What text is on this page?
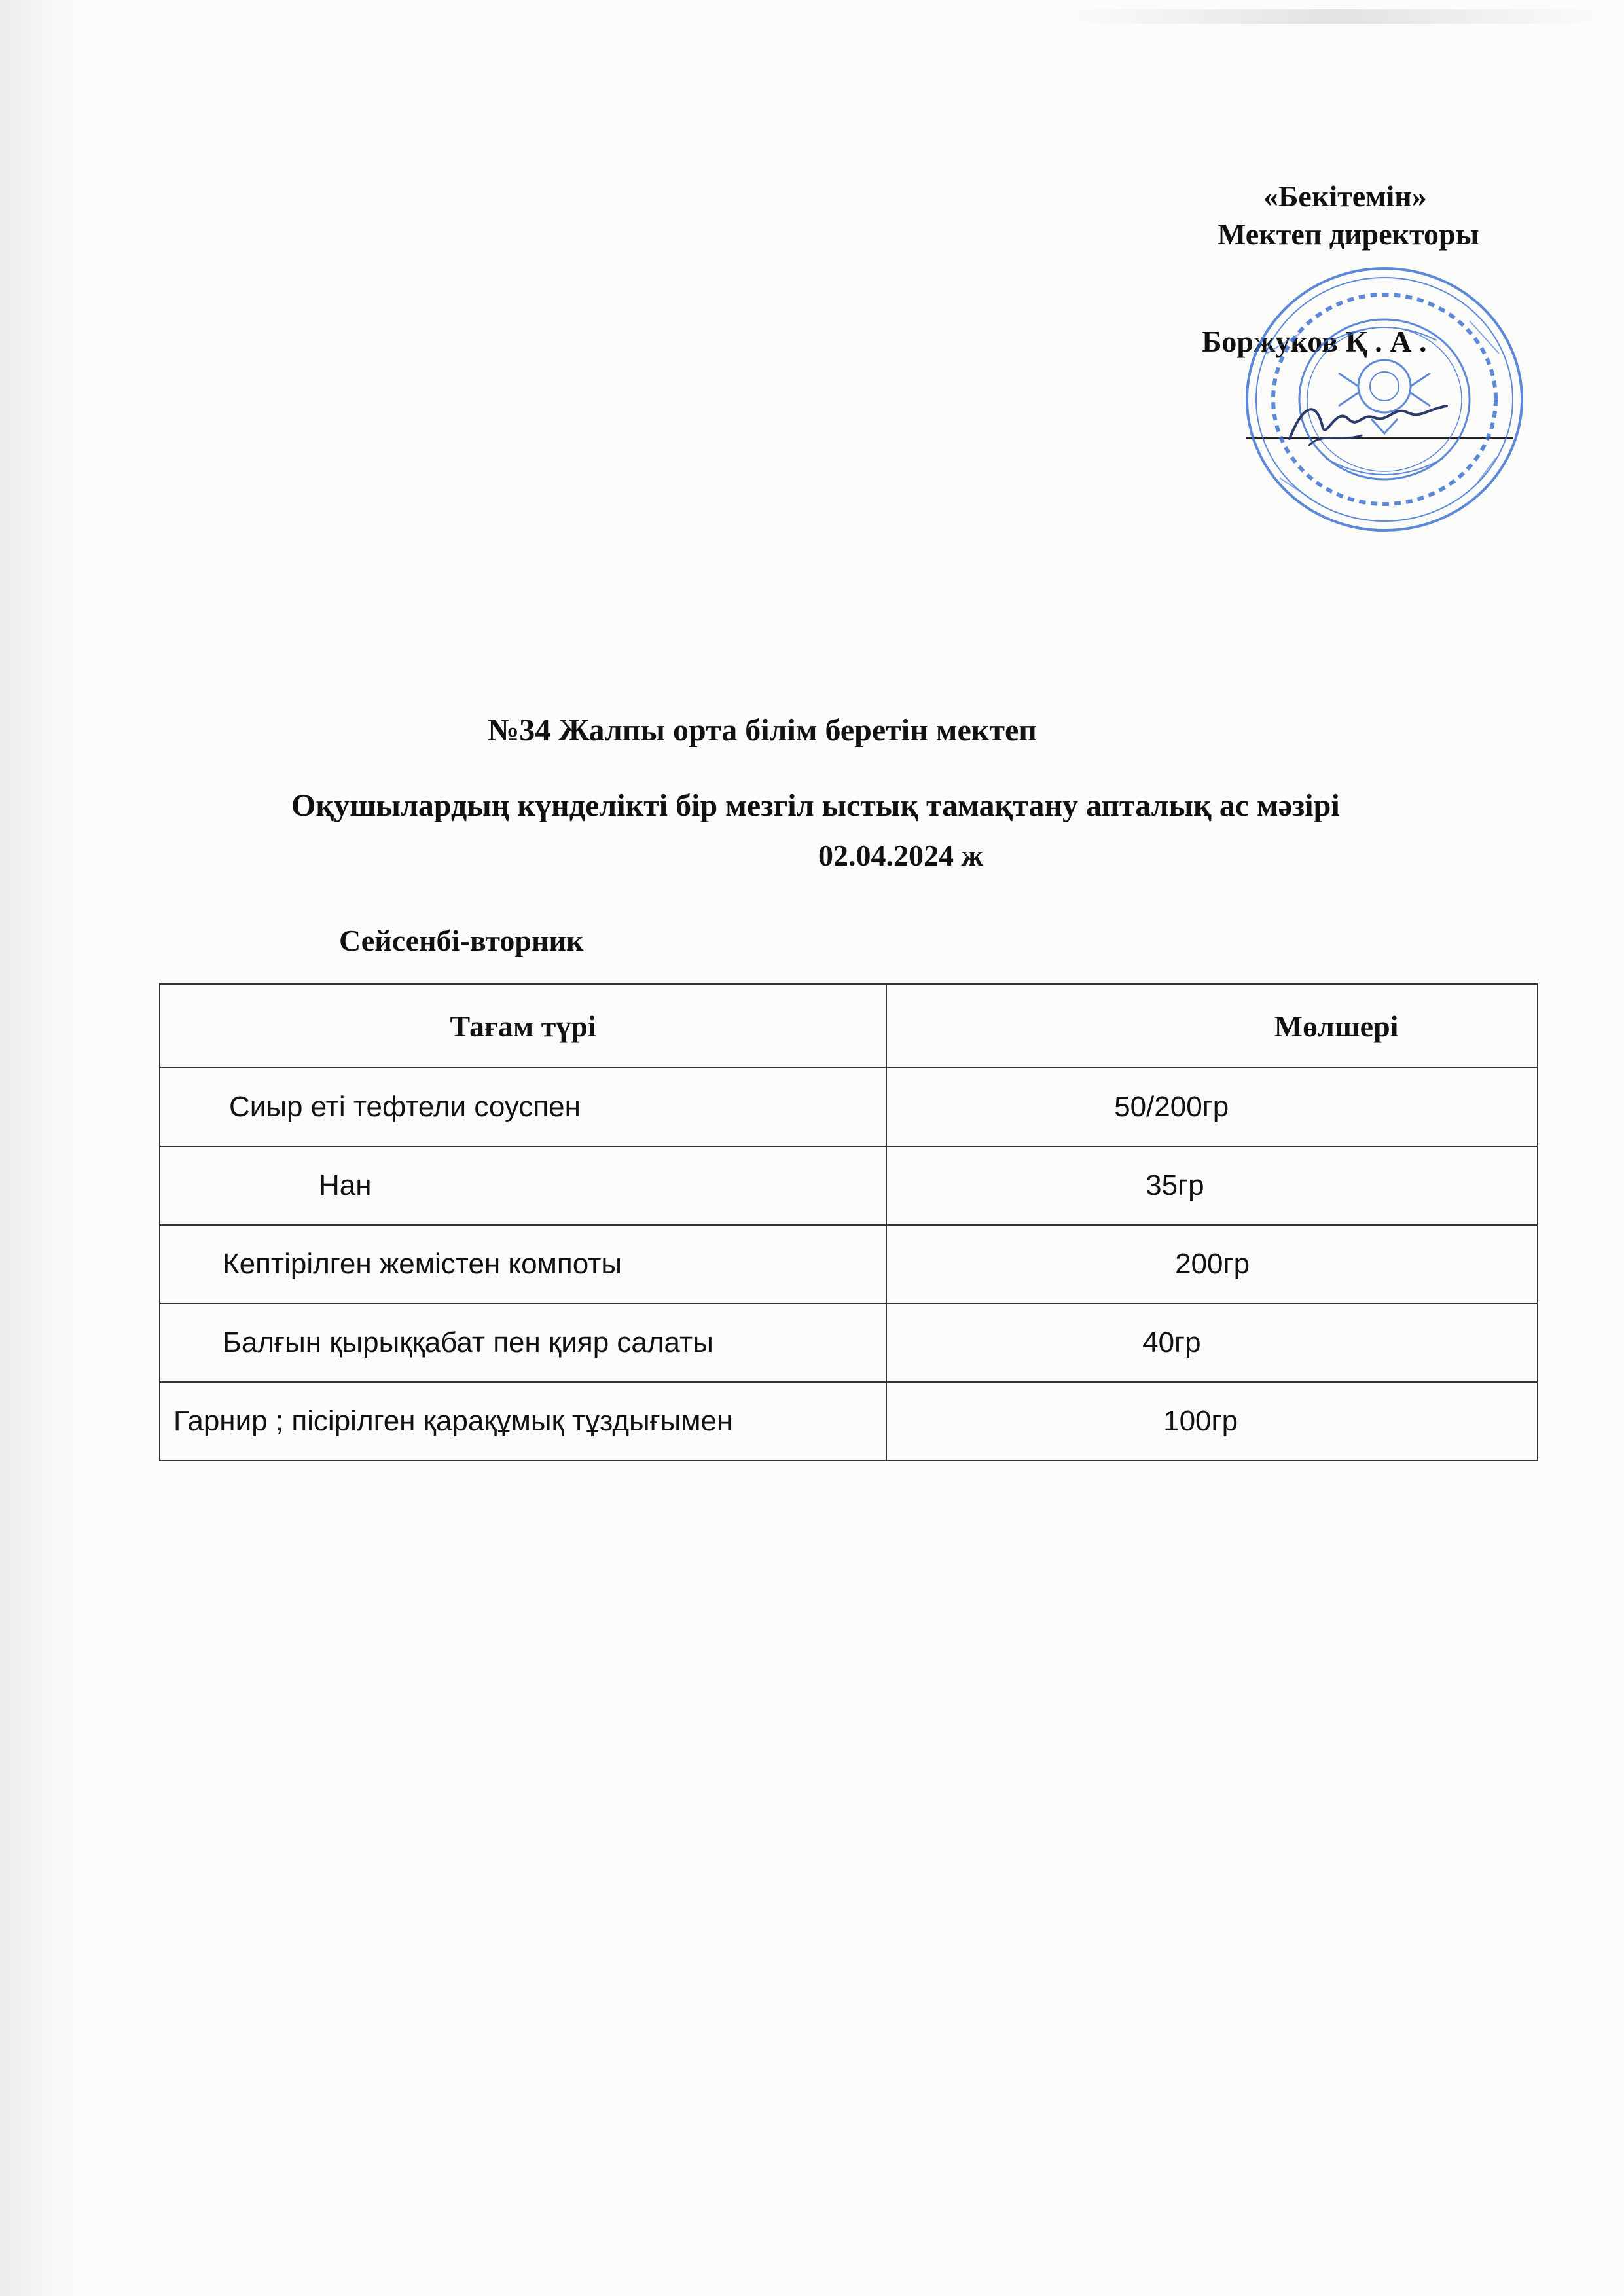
«Бекітемін»
Мектеп директоры
Боржуков Қ . А .
№34 Жалпы орта білім беретін мектеп
Оқушылардың күнделікті бір мезгіл ыстық тамақтану апталық ас мәзірі
02.04.2024 ж
Сейсенбі-вторник
Тағам түрі	Мөлшері
Сиыр еті тефтели соуспен	50/200гр
Нан	35гр
Кептірілген жемістен компоты	200гр
Балғын қырыққабат пен қияр салаты	40гр
Гарнир ; пісірілген қарақұмық тұздығымен	100гр
